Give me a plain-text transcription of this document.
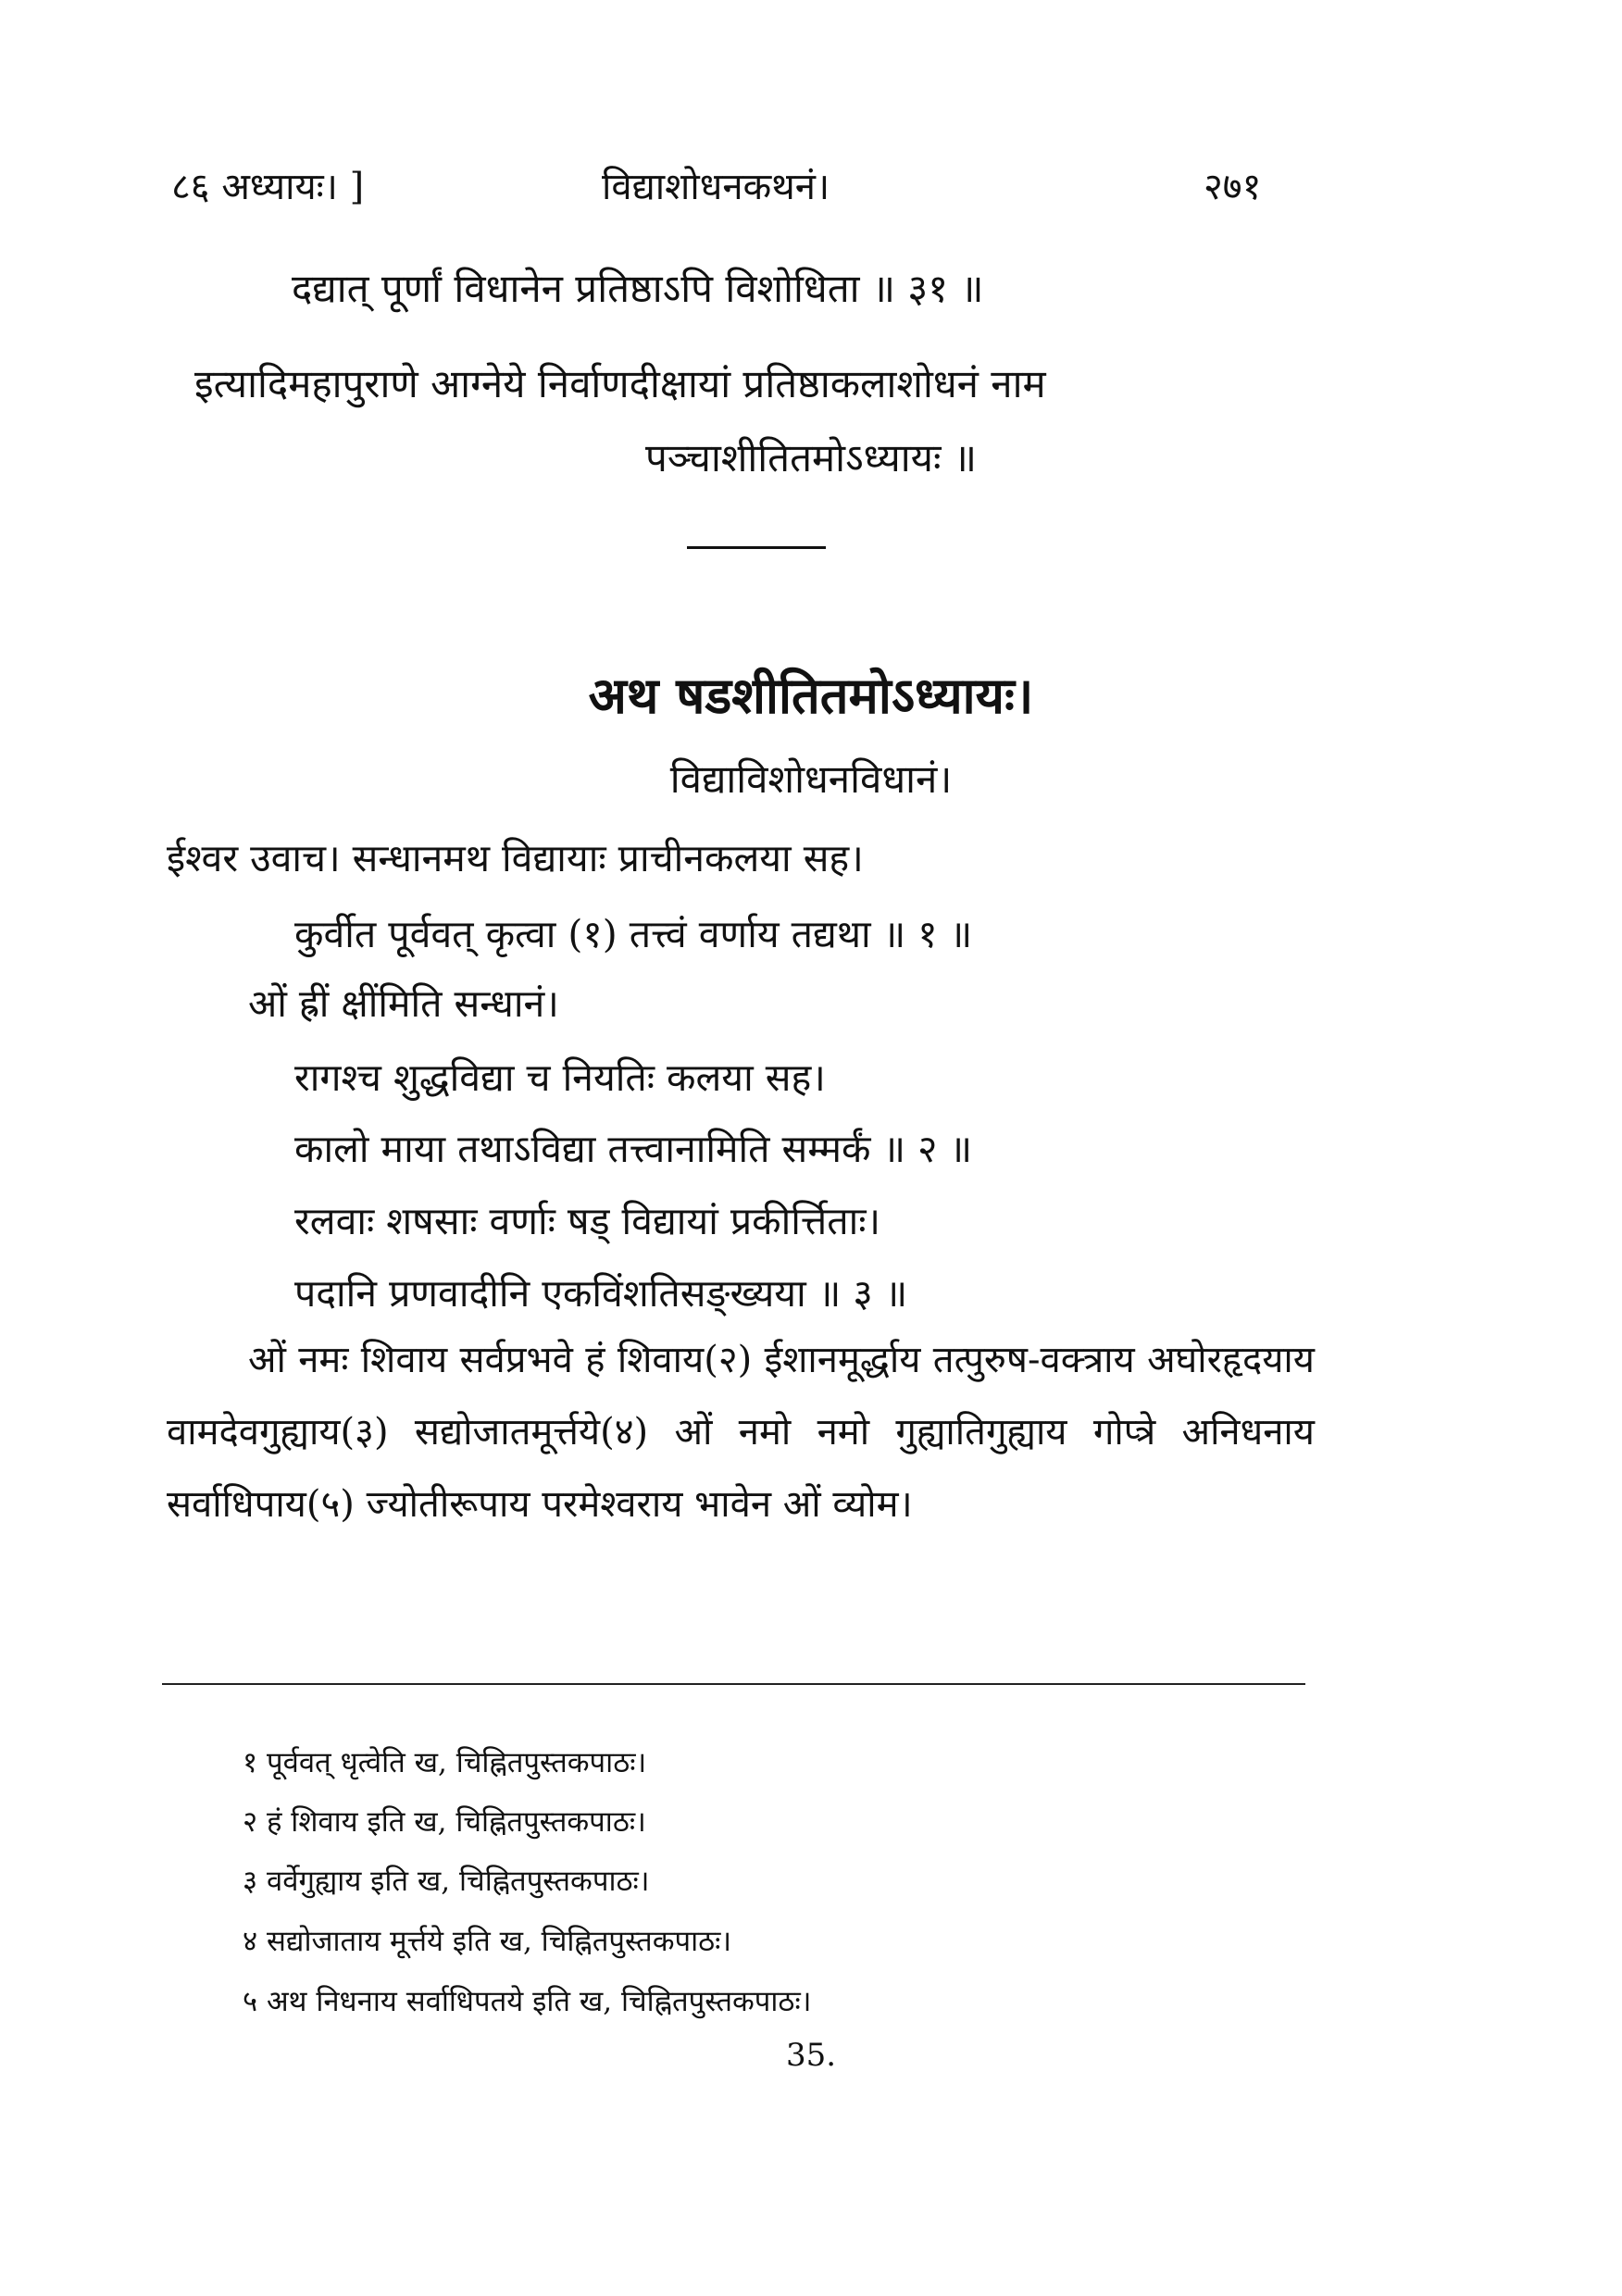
८६ अध्यायः। ]	विद्याशोधनकथनं।	२७१
दद्यात् पूर्णां विधानेन प्रतिष्ठाऽपि विशोधिता ॥ ३१ ॥
इत्यादिमहापुराणे आग्नेये निर्वाणदीक्षायां प्रतिष्ठाकलाशोधनं नाम
पञ्चाशीतितमोऽध्यायः ॥
अथ षडशीतितमोऽध्यायः।
विद्याविशोधनविधानं।
ईश्वर उवाच। सन्धानमथ विद्यायाः प्राचीनकलया सह।
कुर्वीत पूर्ववत् कृत्वा (१) तत्त्वं वर्णाय तद्यथा ॥ १ ॥
ओं ह्रीं क्षींमिति सन्धानं।
रागश्च शुद्धविद्या च नियतिः कलया सह।
कालो माया तथाऽविद्या तत्त्वानामिति सम्मर्कं ॥ २ ॥
रलवाः शषसाः वर्णाः षड् विद्यायां प्रकीर्त्तिताः।
पदानि प्रणवादीनि एकविंशतिसङ्ख्यया ॥ ३ ॥
ओं नमः शिवाय सर्वप्रभवे हं शिवाय(२) ईशानमूर्द्धाय तत्पुरुष-वक्त्राय अघोरहृदयाय वामदेवगुह्याय(३) सद्योजातमूर्त्तये(४) ओं नमो नमो गुह्यातिगुह्याय गोप्त्रे अनिधनाय सर्वाधिपाय(५) ज्योतीरूपाय परमेश्वराय भावेन ओं व्योम।
१ पूर्ववत् धृत्वेति ख, चिह्नितपुस्तकपाठः।
२ हं शिवाय इति ख, चिह्नितपुस्तकपाठः।
३ वर्वेगुह्याय इति ख, चिह्नितपुस्तकपाठः।
४ सद्योजाताय मूर्त्तये इति ख, चिह्नितपुस्तकपाठः।
५ अथ निधनाय सर्वाधिपतये इति ख, चिह्नितपुस्तकपाठः।
35.
